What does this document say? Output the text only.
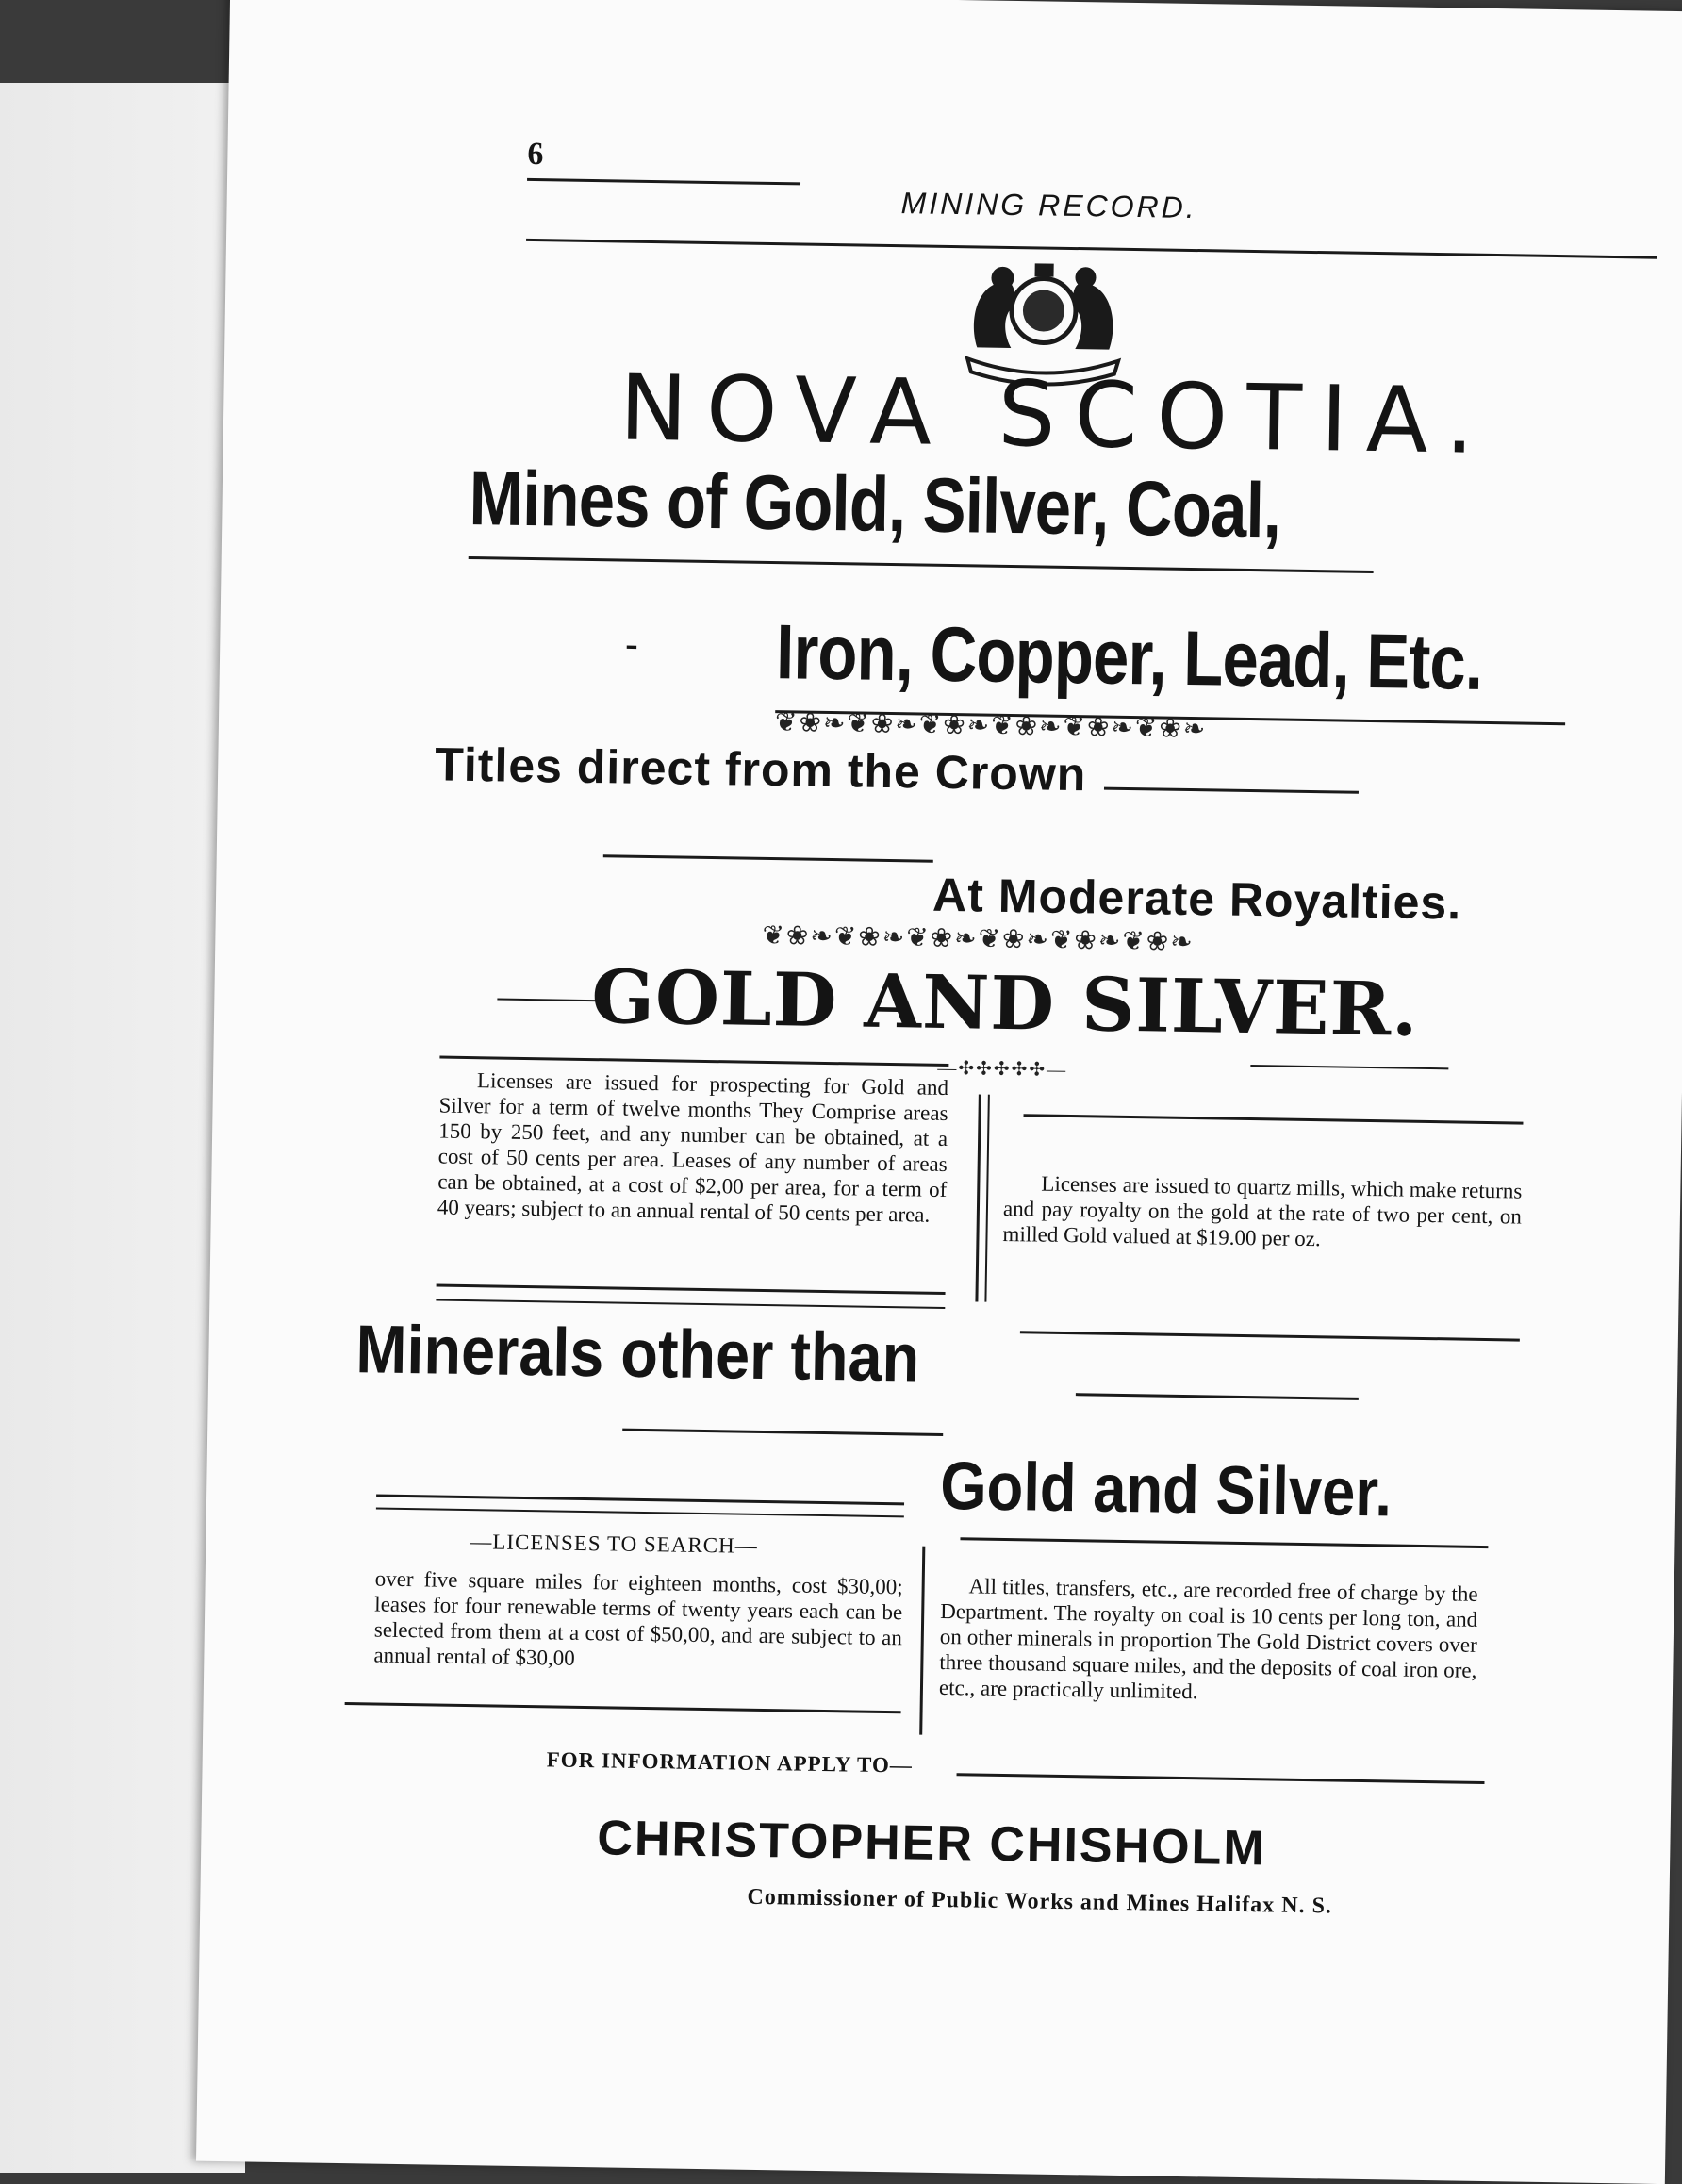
6
MINING RECORD.
NOVA SCOTIA.
Mines of Gold, Silver, Coal,
- Iron, Copper, Lead, Etc.
❦❀❧❦❀❧❦❀❧❦❀❧❦❀❧❦❀❧
Titles direct from the Crown
At Moderate Royalties.
❦❀❧❦❀❧❦❀❧❦❀❧❦❀❧❦❀❧
GOLD AND SILVER.
—✣✣✣✣✣—
Licenses are issued for prospecting for Gold and Silver for a term of twelve months They Comprise areas 150 by 250 feet, and any number can be obtained, at a cost of 50 cents per area. Leases of any number of areas can be obtained, at a cost of $2,00 per area, for a term of 40 years; subject to an annual rental of 50 cents per area.
Licenses are issued to quartz mills, which make returns and pay royalty on the gold at the rate of two per cent, on milled Gold valued at $19.00 per oz.
Minerals other than
Gold and Silver.
—LICENSES TO SEARCH—
over five square miles for eighteen months, cost $30,00; leases for four renewable terms of twenty years each can be selected from them at a cost of $50,00, and are subject to an annual rental of $30,00
All titles, transfers, etc., are recorded free of charge by the Department. The royalty on coal is 10 cents per long ton, and on other minerals in proportion The Gold District covers over three thousand square miles, and the deposits of coal iron ore, etc., are practically unlimited.
FOR INFORMATION APPLY TO—
CHRISTOPHER CHISHOLM
Commissioner of Public Works and Mines Halifax N. S.
